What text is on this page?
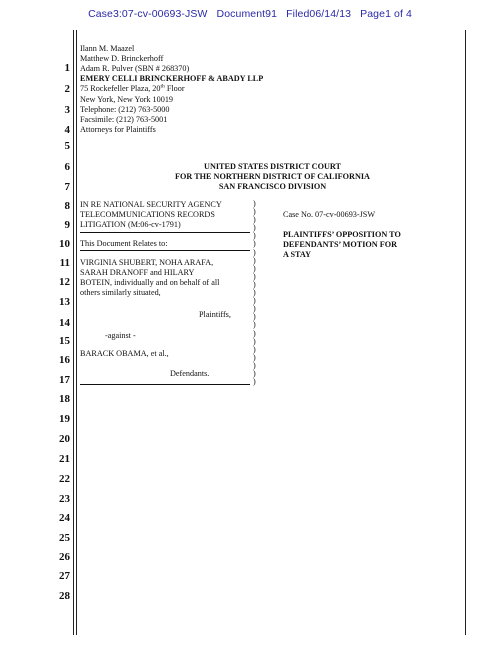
Case3:07-cv-00693-JSW Document91 Filed06/14/13 Page1 of 4
1
2
3
4
5
6
7
8
9
10
11
12
13
14
15
16
17
18
19
20
21
22
23
24
25
26
27
28
Ilann M. Maazel
Matthew D. Brinckerhoff
Adam R. Pulver (SBN # 268370)
EMERY CELLI BRINCKERHOFF & ABADY LLP
75 Rockefeller Plaza, 20th Floor
New York, New York 10019
Telephone: (212) 763-5000
Facsimile: (212) 763-5001
Attorneys for Plaintiffs
UNITED STATES DISTRICT COURT
FOR THE NORTHERN DISTRICT OF CALIFORNIA
SAN FRANCISCO DIVISION
IN RE NATIONAL SECURITY AGENCY
TELECOMMUNICATIONS RECORDS
LITIGATION (M:06-cv-1791)
This Document Relates to:
VIRGINIA SHUBERT, NOHA ARAFA,
SARAH DRANOFF and HILARY
BOTEIN, individually and on behalf of all
others similarly situated,
Plaintiffs,
-against -
BARACK OBAMA, et al.,
Defendants.
)
)
)
)
)
)
)
)
)
)
)
)
)
)
)
)
)
)
)
)
)
)
)
Case No. 07-cv-00693-JSW
PLAINTIFFS’ OPPOSITION TO
DEFENDANTS’ MOTION FOR
A STAY
